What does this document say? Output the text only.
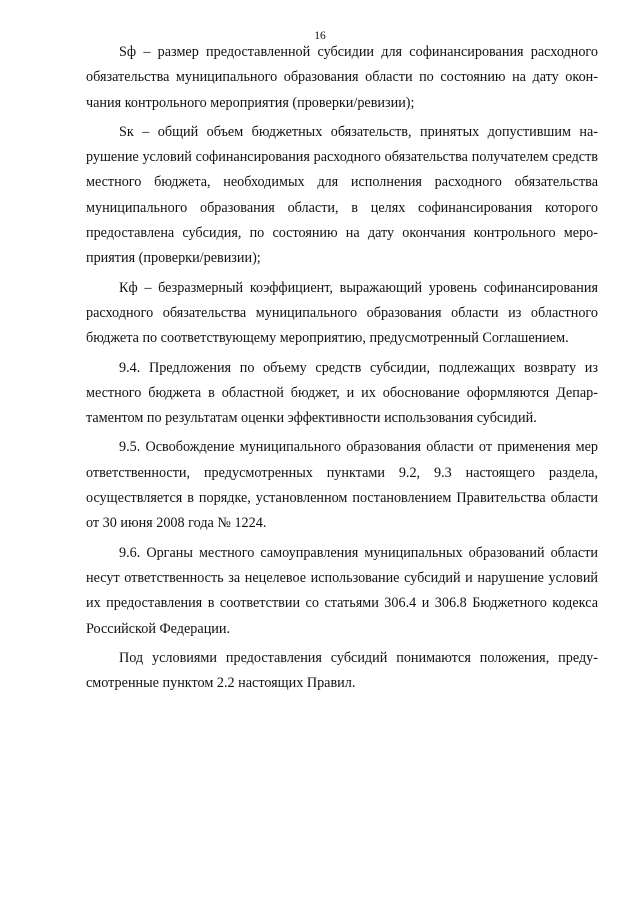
16

Sф – размер предоставленной субсидии для софинансирования расходного обязательства муниципального образования области по состоянию на дату окончания контрольного мероприятия (проверки/ревизии);

Sк – общий объем бюджетных обязательств, принятых допустившим нарушение условий софинансирования расходного обязательства получателем средств местного бюджета, необходимых для исполнения расходного обязательства муниципального образования области, в целях софинансирования которого предоставлена субсидия, по состоянию на дату окончания контрольного мероприятия (проверки/ревизии);

Кф – безразмерный коэффициент, выражающий уровень софинансирования расходного обязательства муниципального образования области из областного бюджета по соответствующему мероприятию, предусмотренный Соглашением.

9.4. Предложения по объему средств субсидии, подлежащих возврату из местного бюджета в областной бюджет, и их обоснование оформляются Департаментом по результатам оценки эффективности использования субсидий.

9.5. Освобождение муниципального образования области от применения мер ответственности, предусмотренных пунктами 9.2, 9.3 настоящего раздела, осуществляется в порядке, установленном постановлением Правительства области от 30 июня 2008 года № 1224.

9.6. Органы местного самоуправления муниципальных образований области несут ответственность за нецелевое использование субсидий и нарушение условий их предоставления в соответствии со статьями 306.4 и 306.8 Бюджетного кодекса Российской Федерации.

Под условиями предоставления субсидий понимаются положения, предусмотренные пунктом 2.2 настоящих Правил.
